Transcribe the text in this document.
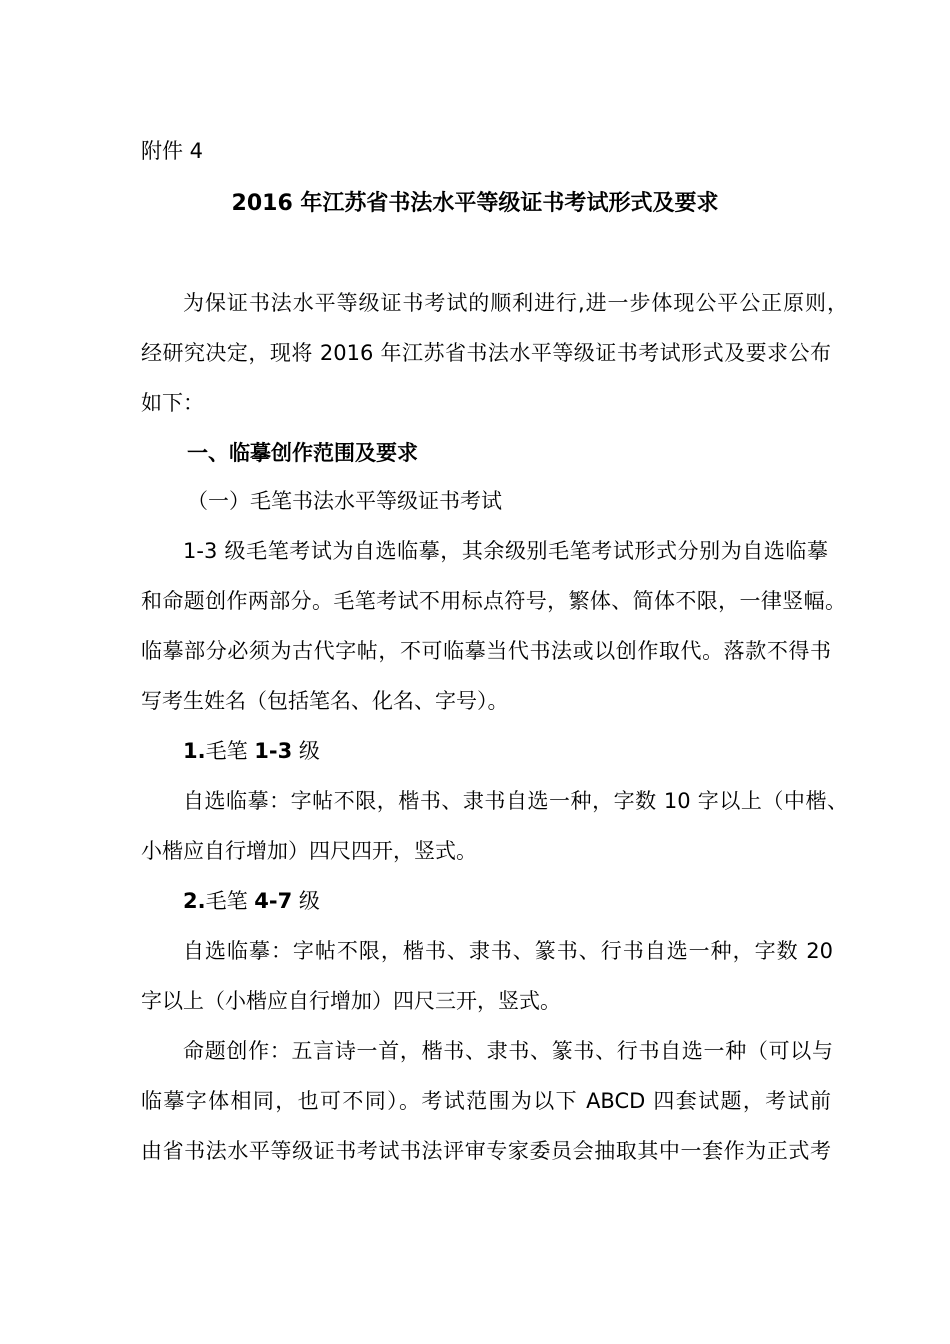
附件 4

2016 年江苏省书法水平等级证书考试形式及要求

为保证书法水平等级证书考试的顺利进行,进一步体现公平公正原则，

经研究决定，现将 2016 年江苏省书法水平等级证书考试形式及要求公布

如下：

一、临摹创作范围及要求

（一）毛笔书法水平等级证书考试

1-3 级毛笔考试为自选临摹，其余级别毛笔考试形式分别为自选临摹

和命题创作两部分。毛笔考试不用标点符号，繁体、简体不限，一律竖幅。

临摹部分必须为古代字帖，不可临摹当代书法或以创作取代。落款不得书

写考生姓名（包括笔名、化名、字号）。

1.毛笔 1-3 级

自选临摹：字帖不限，楷书、隶书自选一种，字数 10 字以上（中楷、

小楷应自行增加）四尺四开，竖式。

2.毛笔 4-7 级

自选临摹：字帖不限，楷书、隶书、篆书、行书自选一种，字数 20

字以上（小楷应自行增加）四尺三开，竖式。

命题创作：五言诗一首，楷书、隶书、篆书、行书自选一种（可以与

临摹字体相同，也可不同）。考试范围为以下 ABCD 四套试题，考试前

由省书法水平等级证书考试书法评审专家委员会抽取其中一套作为正式考
